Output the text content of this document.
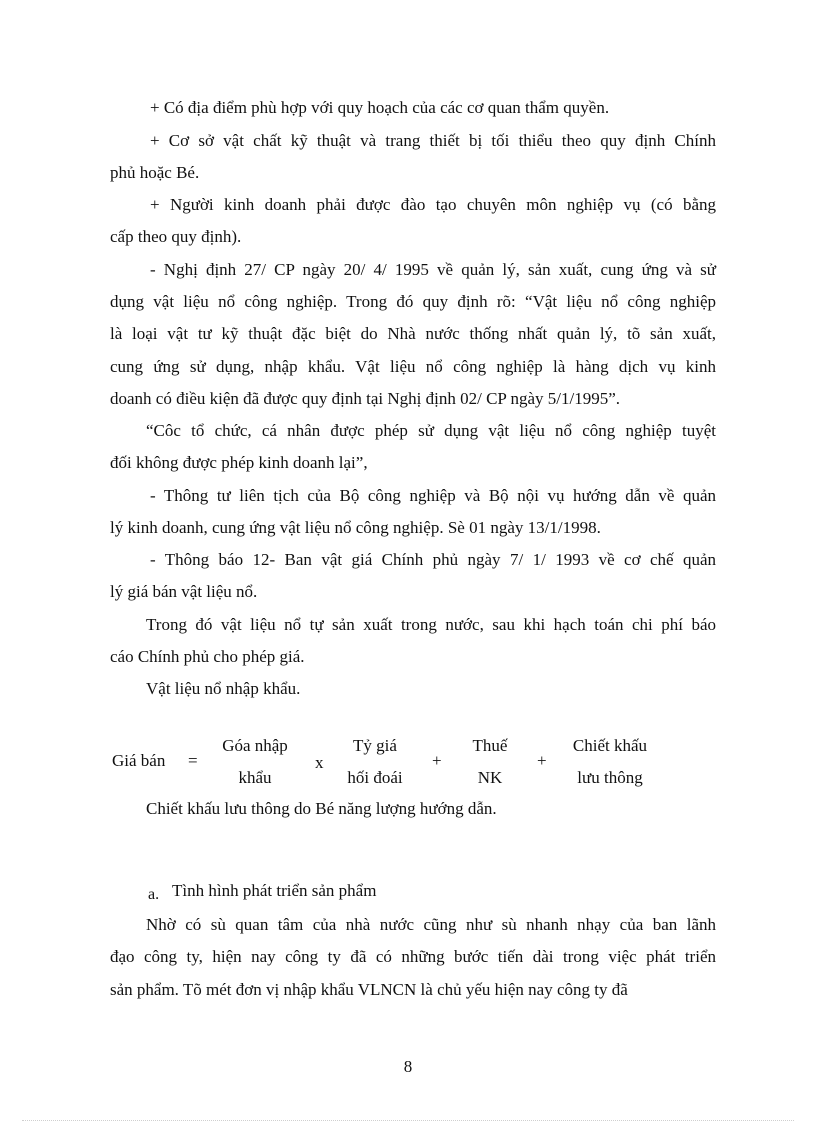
+ Có địa điểm phù hợp với quy hoạch của các cơ quan thẩm quyền.
+ Cơ sở vật chất kỹ thuật và trang thiết bị tối thiểu theo quy định Chính
phủ hoặc Bé.
+ Người kinh doanh phải được đào tạo chuyên môn nghiệp vụ (có bằng
cấp theo quy định).
- Nghị định 27/ CP ngày 20/ 4/ 1995 về quản lý, sản xuất, cung ứng và sử
dụng vật liệu nổ công nghiệp. Trong đó quy định rõ: “Vật liệu nổ công nghiệp
là loại vật tư kỹ thuật đặc biệt do Nhà nước thống nhất quản lý, tõ sản xuất,
cung ứng sử dụng, nhập khẩu. Vật liệu nổ công nghiệp là hàng dịch vụ kinh
doanh có điều kiện đã được quy định tại Nghị định 02/ CP ngày 5/1/1995”.
“Côc tổ chức, cá nhân được phép sử dụng vật liệu nổ công nghiệp tuyệt
đối không được phép kinh doanh lại”,
- Thông tư liên tịch của Bộ công nghiệp và Bộ nội vụ hướng dẫn về quản
lý kinh doanh, cung ứng vật liệu nổ công nghiệp. Sè 01 ngày 13/1/1998.
- Thông báo 12- Ban vật giá Chính phủ ngày 7/ 1/ 1993 về cơ chế quản
lý giá bán vật liệu nổ.
Trong đó vật liệu nổ tự sản xuất trong nước, sau khi hạch toán chi phí báo
cáo Chính phủ cho phép giá.
Vật liệu nổ nhập khẩu.
Giá bán =
Góa nhập
khẩu
x
Tỷ giá
hối đoái
+
Thuế
NK
+
Chiết khấu
lưu thông
Chiết khấu lưu thông do Bé năng lượng hướng dẫn.
a. Tình hình phát triển sản phẩm
Nhờ có sù quan tâm của nhà nước cũng như sù nhanh nhạy của ban lãnh
đạo công ty, hiện nay công ty đã có những bước tiến dài trong việc phát triển
sản phẩm. Tõ mét đơn vị nhập khẩu VLNCN là chủ yếu hiện nay công ty đã
8
